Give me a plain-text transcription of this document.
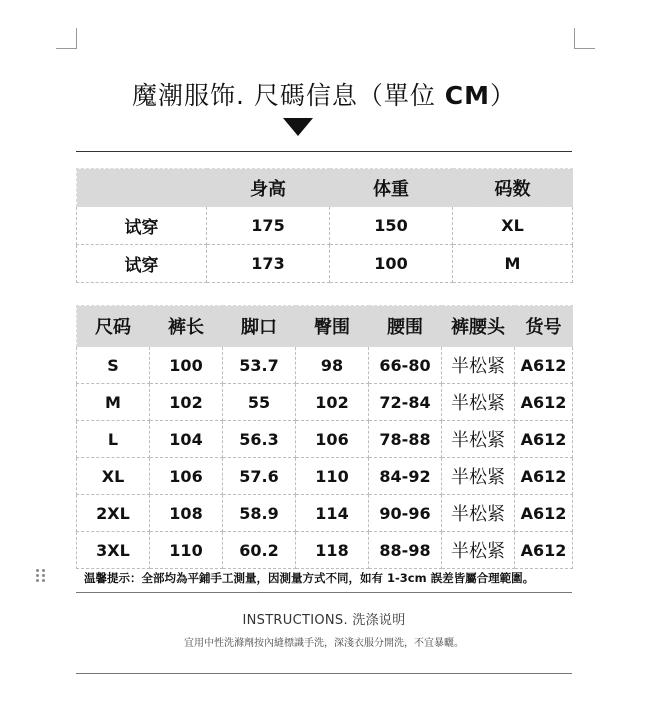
魔潮服饰. 尺碼信息（單位 CM）
	身高	体重	码数
试穿	175	150	XL
试穿	173	100	M
尺码	裤长	脚口	臀围	腰围	裤腰头	货号
S	100	53.7	98	66-80	半松紧	A612
M	102	55	102	72-84	半松紧	A612
L	104	56.3	106	78-88	半松紧	A612
XL	106	57.6	110	84-92	半松紧	A612
2XL	108	58.9	114	90-96	半松紧	A612
3XL	110	60.2	118	88-98	半松紧	A612
温馨提示：全部均為平鋪手工測量，因測量方式不同，如有 1-3cm 誤差皆屬合理範圍。
INSTRUCTIONS. 洗涤说明
宜用中性洗滌劑按內縫標識手洗，深淺衣服分開洗，不宜暴曬。
